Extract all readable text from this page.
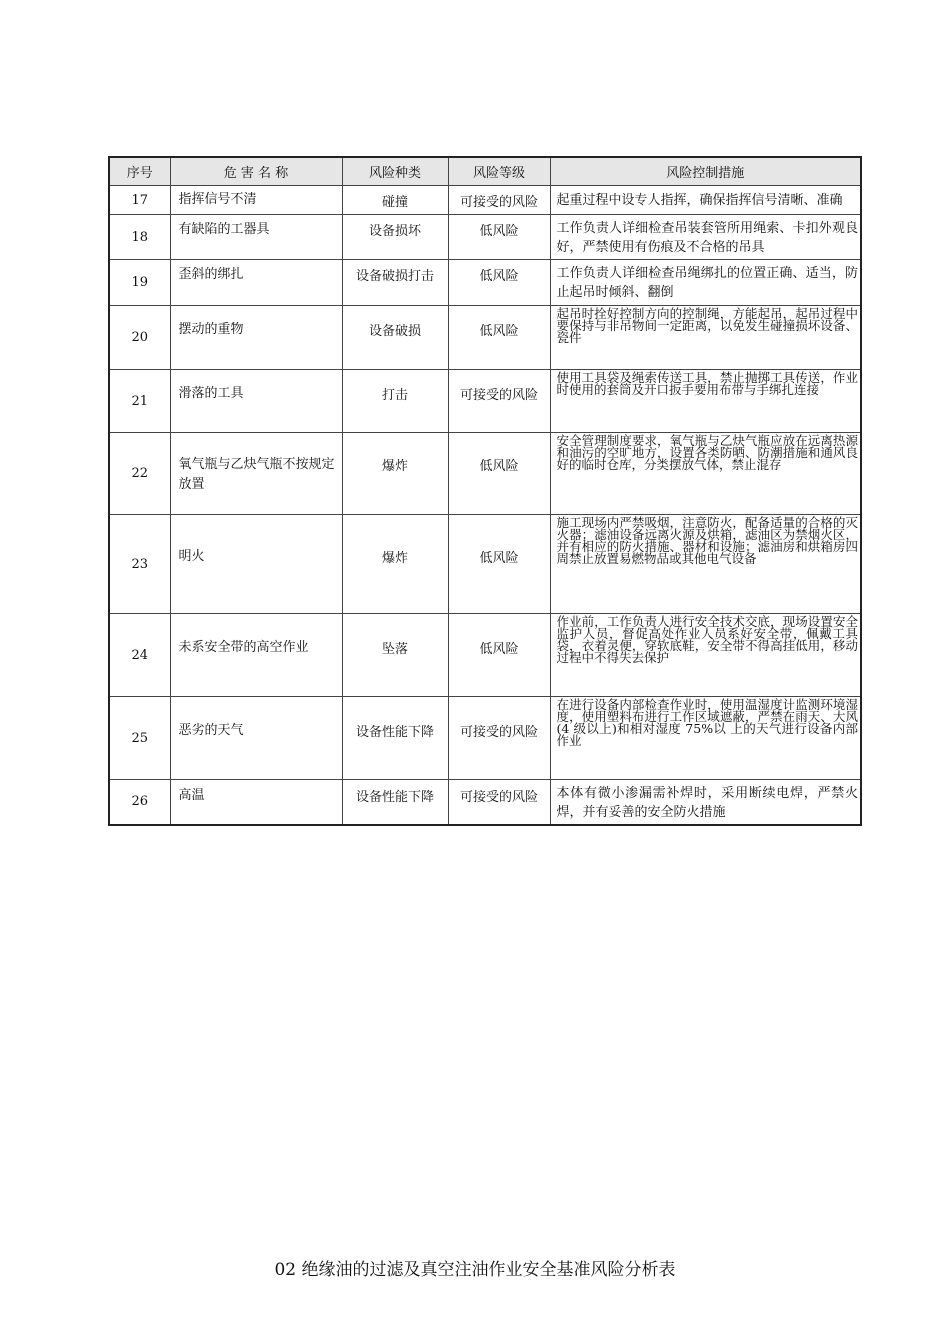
序号	危 害 名 称	风险种类	风险等级	风险控制措施
17	指挥信号不清	碰撞	可接受的风险	起重过程中设专人指挥，确保指挥信号清晰、准确
18	有缺陷的工器具	设备损坏	低风险	工作负责人详细检查吊装套管所用绳索、卡扣外观良好，严禁使用有伤痕及不合格的吊具
19	歪斜的绑扎	设备破损打击	低风险	工作负责人详细检查吊绳绑扎的位置正确、适当，防止起吊时倾斜、翻倒
20	摆动的重物	设备破损	低风险	起吊时拴好控制方向的控制绳，方能起吊，起吊过程中要保持与非吊物间一定距离，以免发生碰撞损坏设备、瓷件
21	滑落的工具	打击	可接受的风险	使用工具袋及绳索传送工具，禁止抛掷工具传送，作业时使用的套筒及开口扳手要用布带与手绑扎连接
22	氧气瓶与乙炔气瓶不按规定放置	爆炸	低风险	安全管理制度要求，氧气瓶与乙炔气瓶应放在远离热源和油污的空旷地方，设置各类防晒、防潮措施和通风良好的临时仓库，分类摆放气体，禁止混存
23	明火	爆炸	低风险	施工现场内严禁吸烟，注意防火，配备适量的合格的灭火器；滤油设备远离火源及烘箱，滤油区为禁烟火区，并有相应的防火措施、器材和设施；滤油房和烘箱房四周禁止放置易燃物品或其他电气设备
24	未系安全带的高空作业	坠落	低风险	作业前，工作负责人进行安全技术交底，现场设置安全监护人员，督促高处作业人员系好安全带，佩戴工具袋，衣着灵便，穿软底鞋，安全带不得高挂低用，移动过程中不得失去保护
25	恶劣的天气	设备性能下降	可接受的风险	在进行设备内部检查作业时，使用温湿度计监测环境湿度，使用塑料布进行工作区域遮蔽，严禁在雨天、大风(4 级以上)和相对湿度 75%以 上的天气进行设备内部作业
26	高温	设备性能下降	可接受的风险	本体有微小渗漏需补焊时，采用断续电焊，严禁火焊，并有妥善的安全防火措施
02 绝缘油的过滤及真空注油作业安全基准风险分析表
